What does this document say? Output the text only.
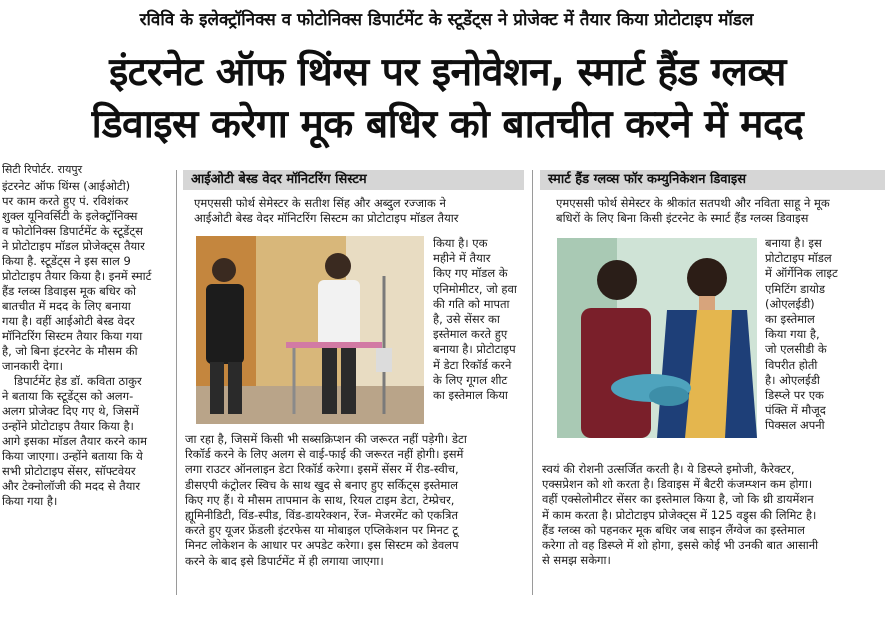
रविवि के इलेक्ट्रॉनिक्स व फोटोनिक्स डिपार्टमेंट के स्टूडेंट्स ने प्रोजेक्ट में तैयार किया प्रोटोटाइप मॉडल
इंटरनेट ऑफ थिंग्स पर इनोवेशन, स्मार्ट हैंड ग्लव्स
डिवाइस करेगा मूक बधिर को बातचीत करने में मदद
सिटी रिपोर्टर. रायपुर
इंटरनेट ऑफ थिंग्स (आईओटी)
पर काम करते हुए पं. रविशंकर
शुक्ल यूनिवर्सिटी के इलेक्ट्रॉनिक्स
व फोटोनिक्स डिपार्टमेंट के स्टूडेंट्स
ने प्रोटोटाइप मॉडल प्रोजेक्ट्स तैयार
किया है. स्टूडेंट्स ने इस साल 9
प्रोटोटाइप तैयार किया है। इनमें स्मार्ट
हैंड ग्लव्स डिवाइस मूक बधिर को
बातचीत में मदद के लिए बनाया
गया है। वहीं आईओटी बेस्ड वेदर
मॉनिटरिंग सिस्टम तैयार किया गया
है, जो बिना इंटरनेट के मौसम की
जानकारी देगा।
डिपार्टमेंट हेड डॉ. कविता ठाकुर
ने बताया कि स्टूडेंट्स को अलग-
अलग प्रोजेक्ट दिए गए थे, जिसमें
उन्होंने प्रोटोटाइप तैयार किया है।
आगे इसका मॉडल तैयार करने काम
किया जाएगा। उन्होंने बताया कि ये
सभी प्रोटोटाइप सेंसर, सॉफ्टवेयर
और टेक्नोलॉजी की मदद से तैयार
किया गया है।
आईओटी बेस्ड वेदर मॉनिटरिंग सिस्टम
एमएससी फोर्थ सेमेस्टर के सतीश सिंह और अब्दुल रज्जाक ने
आईओटी बेस्ड वेदर मॉनिटरिंग सिस्टम का प्रोटोटाइप मॉडल तैयार
किया है। एक
महीने में तैयार
किए गए मॉडल के
एनिमोमीटर, जो हवा
की गति को मापता
है, उसे सेंसर का
इस्तेमाल करते हुए
बनाया है। प्रोटोटाइप
में डेटा रिकॉर्ड करने
के लिए गूगल शीट
का इस्तेमाल किया
जा रहा है, जिसमें किसी भी सब्सक्रिप्शन की जरूरत नहीं पड़ेगी। डेटा
रिकॉर्ड करने के लिए अलग से वाई-फाई की जरूरत नहीं होगी। इसमें
लगा राउटर ऑनलाइन डेटा रिकॉर्ड करेगा। इसमें सेंसर में रीड-स्वीच,
डीसएपी कंट्रोलर स्विच के साथ खुद से बनाए हुए सर्किट्स इस्तेमाल
किए गए हैं। ये मौसम तापमान के साथ, रियल टाइम डेटा, टेम्प्रेचर,
ह्यूमिनीडिटी, विंड-स्पीड, विंड-डायरेक्शन, रेंज- मेजरमेंट को एकत्रित
करते हुए यूजर फ्रेंडली इंटरफेस या मोबाइल एप्लिकेशन पर मिनट टू
मिनट लोकेशन के आधार पर अपडेट करेगा। इस सिस्टम को डेवलप
करने के बाद इसे डिपार्टमेंट में ही लगाया जाएगा।
स्मार्ट हैंड ग्लव्स फॉर कम्युनिकेशन डिवाइस
एमएससी फोर्थ सेमेस्टर के श्रीकांत सतपथी और नविता साहू ने मूक
बधिरों के लिए बिना किसी इंटरनेट के स्मार्ट हैंड ग्लव्स डिवाइस
बनाया है। इस
प्रोटोटाइप मॉडल
में ऑर्गेनिक लाइट
एमिटिंग डायोड
(ओएलईडी)
का इस्तेमाल
किया गया है,
जो एलसीडी के
विपरीत होती
है। ओएलईडी
डिस्प्ले पर एक
पंक्ति में मौजूद
पिक्सल अपनी
स्वयं की रोशनी उत्सर्जित करती है। ये डिस्प्ले इमोजी, कैरेक्टर,
एक्सप्रेशन को शो करता है। डिवाइस में बैटरी कंजम्प्शन कम होगा।
वहीं एक्सेलोमीटर सेंसर का इस्तेमाल किया है, जो कि थ्री डायमेंशन
में काम करता है। प्रोटोटाइप प्रोजेक्ट्स में 125 वड्र्स की लिमिट है।
हैंड ग्लव्स को पहनकर मूक बधिर जब साइन लैंग्वेज का इस्तेमाल
करेगा तो वह डिस्प्ले में शो होगा, इससे कोई भी उनकी बात आसानी
से समझ सकेगा।
